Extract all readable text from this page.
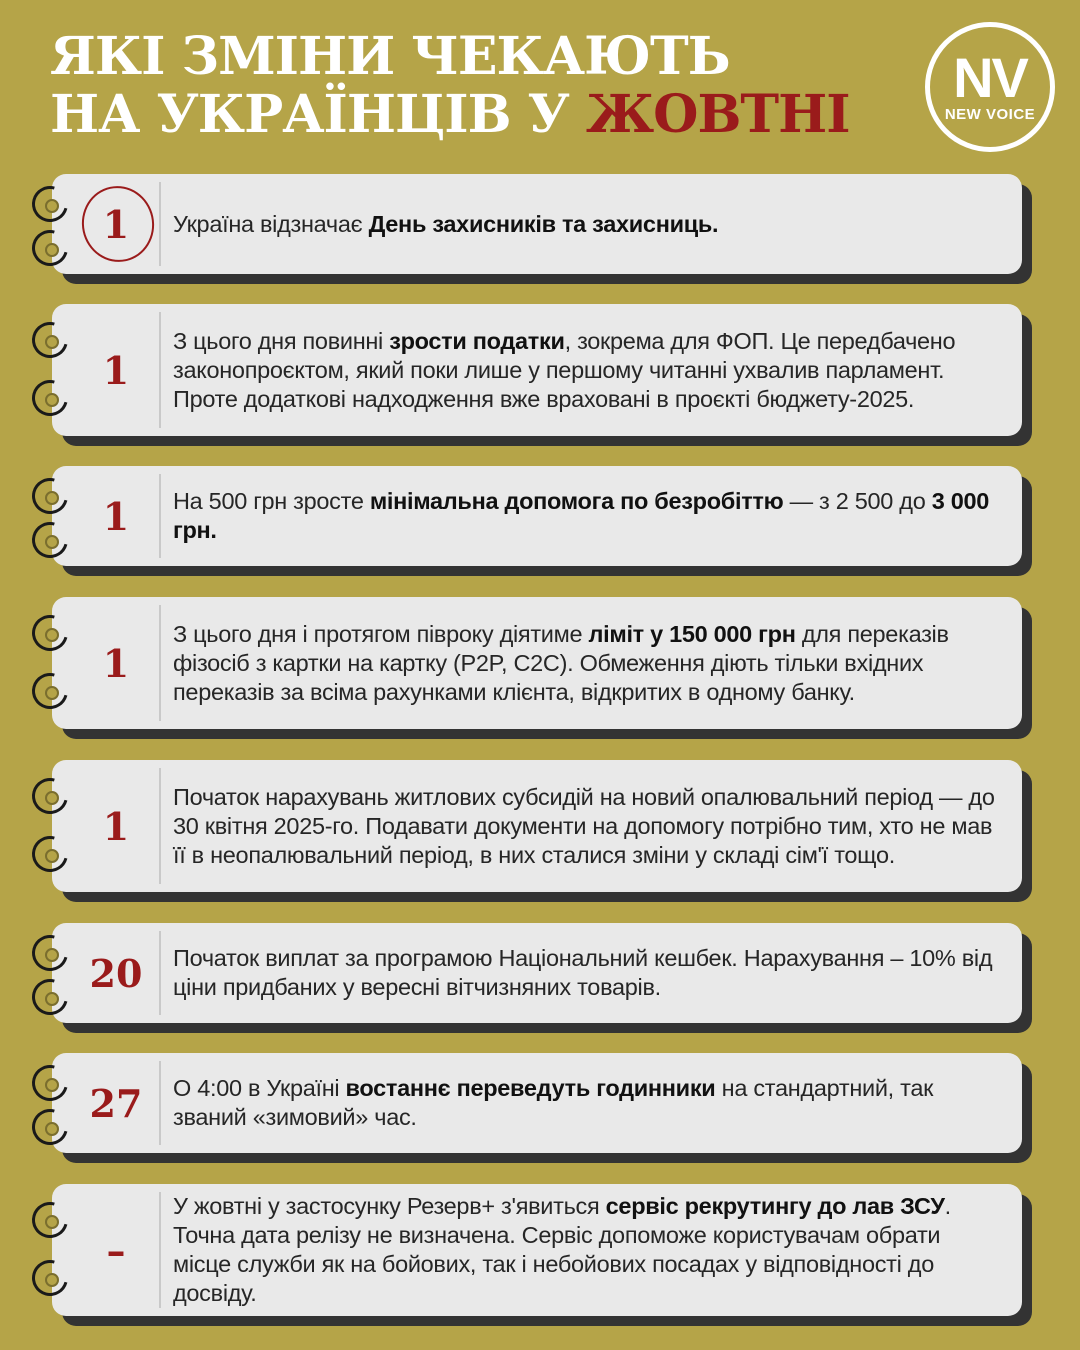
ЯКІ ЗМІНИ ЧЕКАЮТЬ
НА УКРАЇНЦІВ У ЖОВТНІ
NV
NEW VOICE
1 Україна відзначає День захисників та захисниць.

1

З цього дня повинні зрости податки, зокрема для ФОП. Це передбачено законопроєктом, який поки лише у першому читанні ухвалив парламент. Проте додаткові надходження вже враховані в проєкті бюджету-2025.

1 На 500 грн зросте мінімальна допомога по безробіттю — з 2 500 до 3 000 грн.

1

З цього дня і протягом півроку діятиме ліміт у 150 000 грн для переказів фізосіб з картки на картку (P2P, C2C). Обмеження діють тільки вхідних переказів за всіма рахунками клієнта, відкритих в одному банку.

1

Початок нарахувань житлових субсидій на новий опалювальний період — до 30 квітня 2025-го. Подавати документи на допомогу потрібно тим, хто не мав її в неопалювальний період, в них сталися зміни у складі сім'ї тощо.

20 Початок виплат за програмою Національний кешбек. Нарахування – 10% від ціни придбаних у вересні вітчизняних товарів.

27 О 4:00 в Україні востаннє переведуть годинники на стандартний, так званий «зимовий» час.

–

У жовтні у застосунку Резерв+ з'явиться сервіс рекрутингу до лав ЗСУ. Точна дата релізу не визначена. Сервіс допоможе користувачам обрати місце служби як на бойових, так і небойових посадах у відповідності до досвіду.
